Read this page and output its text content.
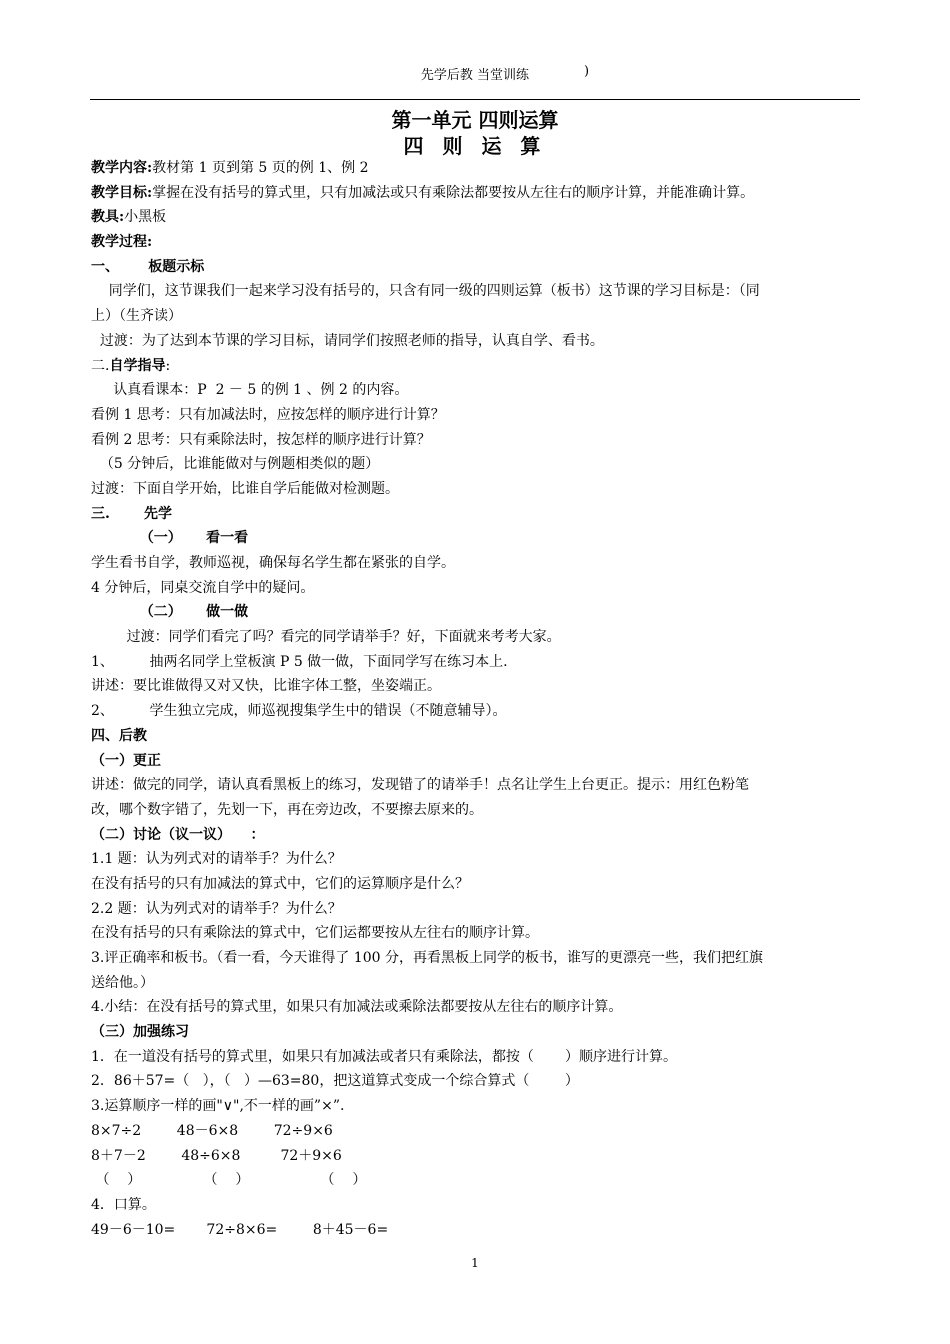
先学后教 当堂训练	)
第一单元 四则运算
四 则 运 算
教学内容:教材第 1 页到第 5 页的例 1、例 2
教学目标:掌握在没有括号的算式里，只有加减法或只有乘除法都要按从左往右的顺序计算，并能准确计算。
教具:小黑板
教学过程:
一、      板题示标
同学们，这节课我们一起来学习没有括号的，只含有同一级的四则运算（板书）这节课的学习目标是：（同
上）（生齐读）
过渡：为了达到本节课的学习目标，请同学们按照老师的指导，认真自学、看书。
二.自学指导:
认真看课本：P  2 － 5 的例 1 、例 2 的内容。
看例 1 思考：只有加减法时，应按怎样的顺序进行计算？
看例 2 思考：只有乘除法时，按怎样的顺序进行计算？
（5 分钟后，比谁能做对与例题相类似的题）
过渡：下面自学开始，比谁自学后能做对检测题。
三.       先学
（一）     看一看
学生看书自学，教师巡视，确保每名学生都在紧张的自学。
4 分钟后，同桌交流自学中的疑问。
（二）     做一做
过渡：同学们看完了吗？看完的同学请举手？好，下面就来考考大家。
1、        抽两名同学上堂板演 P 5 做一做，下面同学写在练习本上.
讲述：要比谁做得又对又快，比谁字体工整，坐姿端正。
2、        学生独立完成，师巡视搜集学生中的错误（不随意辅导）。
四、后教
（一）更正
讲述：做完的同学，请认真看黑板上的练习，发现错了的请举手！点名让学生上台更正。提示：用红色粉笔
改，哪个数字错了，先划一下，再在旁边改，不要擦去原来的。
（二）讨论（议一议）    ：
1.1 题：认为列式对的请举手？为什么？
在没有括号的只有加减法的算式中，它们的运算顺序是什么？
2.2 题：认为列式对的请举手？为什么？
在没有括号的只有乘除法的算式中，它们运都要按从左往右的顺序计算。
3.评正确率和板书。（看一看，今天谁得了 100 分，再看黑板上同学的板书，谁写的更漂亮一些，我们把红旗
送给他。）
4.小结：在没有括号的算式里，如果只有加减法或乘除法都要按从左往右的顺序计算。
（三）加强练习
1．在一道没有括号的算式里，如果只有加减法或者只有乘除法，都按（       ）顺序进行计算。
2．86＋57=（   ），（   ）—63=80，把这道算式变成一个综合算式（        ）
3.运算顺序一样的画"∨",不一样的画”×”.
8×7÷2        48－6×8        72÷9×6
8＋7－2        48÷6×8         72＋9×6
（    ）              （    ）                （    ）
4．口算。
49－6－10=       72÷8×6=        8＋45－6=
1
